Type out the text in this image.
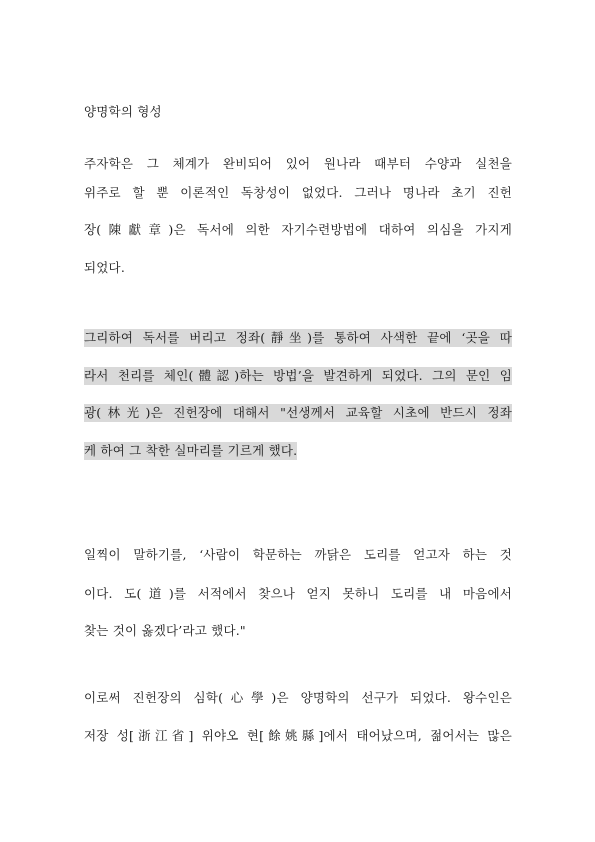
양명학의 형성
주자학은 그 체계가 완비되어 있어 원나라 때부터 수양과 실천을
위주로 할 뿐 이론적인 독창성이 없었다. 그러나 명나라 초기 진헌
장(陳獻章)은 독서에 의한 자기수련방법에 대하여 의심을 가지게
되었다.
그리하여 독서를 버리고 정좌(靜坐)를 통하여 사색한 끝에 ‘곳을 따
라서 천리를 체인(體認)하는 방법’을 발견하게 되었다. 그의 문인 임
광(林光)은 진헌장에 대해서 "선생께서 교육할 시초에 반드시 정좌
케 하여 그 착한 실마리를 기르게 했다.
일찍이 말하기를, ‘사람이 학문하는 까닭은 도리를 얻고자 하는 것
이다. 도(道)를 서적에서 찾으나 얻지 못하니 도리를 내 마음에서
찾는 것이 옳겠다’라고 했다."
이로써 진헌장의 심학(心學)은 양명학의 선구가 되었다. 왕수인은
저장 성[浙江省] 위야오 현[餘姚縣]에서 태어났으며, 젊어서는 많은
